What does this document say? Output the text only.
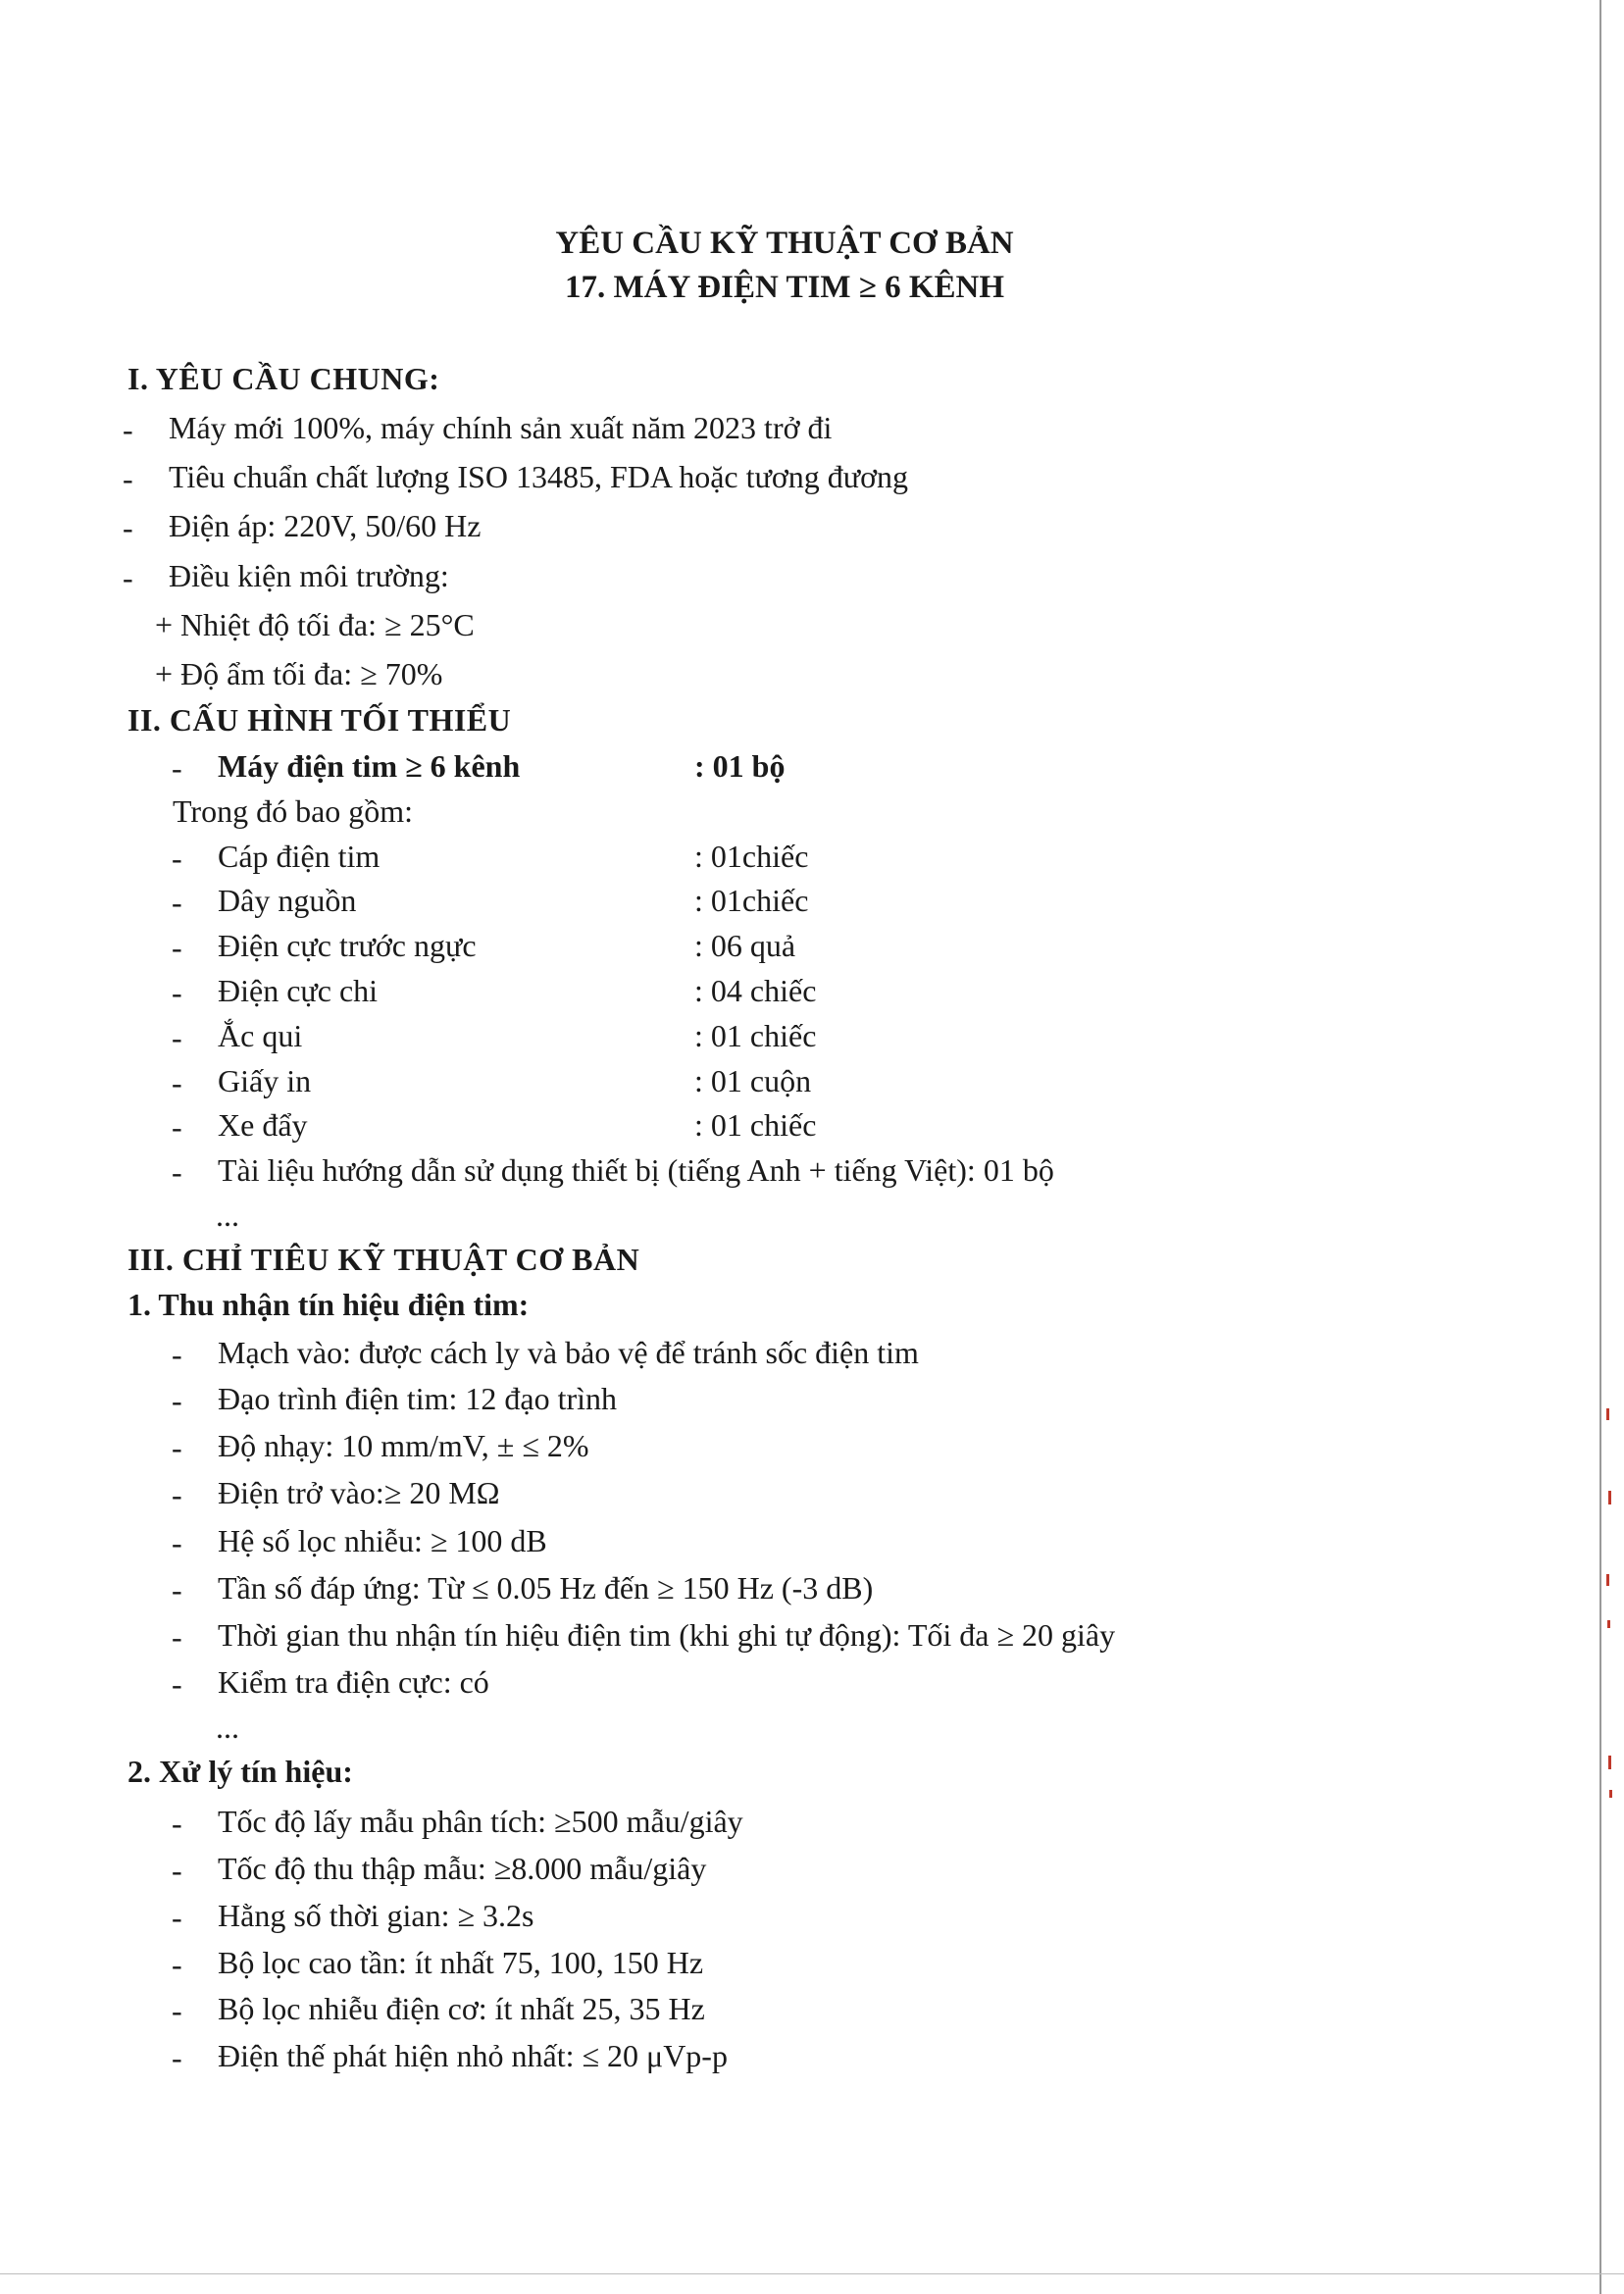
YÊU CẦU KỸ THUẬT CƠ BẢN
17. MÁY ĐIỆN TIM ≥ 6 KÊNH
I. YÊU CẦU CHUNG:
- Máy mới 100%, máy chính sản xuất năm 2023 trở đi
- Tiêu chuẩn chất lượng ISO 13485, FDA hoặc tương đương
- Điện áp: 220V, 50/60 Hz
- Điều kiện môi trường:
+ Nhiệt độ tối đa: ≥ 25°C
+ Độ ẩm tối đa: ≥ 70%
II. CẤU HÌNH TỐI THIỂU
- Máy điện tim ≥ 6 kênh	: 01 bộ
Trong đó bao gồm:
- Cáp điện tim	: 01chiếc
- Dây nguồn	: 01chiếc
- Điện cực trước ngực	: 06 quả
- Điện cực chi	: 04 chiếc
- Ắc qui	: 01 chiếc
- Giấy in	: 01 cuộn
- Xe đẩy	: 01 chiếc
- Tài liệu hướng dẫn sử dụng thiết bị (tiếng Anh + tiếng Việt): 01 bộ
...
III. CHỈ TIÊU KỸ THUẬT CƠ BẢN
1. Thu nhận tín hiệu điện tim:
- Mạch vào: được cách ly và bảo vệ để tránh sốc điện tim
- Đạo trình điện tim: 12 đạo trình
- Độ nhạy: 10 mm/mV, ± ≤ 2%
- Điện trở vào:≥ 20 MΩ
- Hệ số lọc nhiễu: ≥ 100 dB
- Tần số đáp ứng: Từ ≤ 0.05 Hz đến ≥ 150 Hz (-3 dB)
- Thời gian thu nhận tín hiệu điện tim (khi ghi tự động): Tối đa ≥ 20 giây
- Kiểm tra điện cực: có
...
2. Xử lý tín hiệu:
- Tốc độ lấy mẫu phân tích: ≥500 mẫu/giây
- Tốc độ thu thập mẫu: ≥8.000 mẫu/giây
- Hằng số thời gian: ≥ 3.2s
- Bộ lọc cao tần: ít nhất 75, 100, 150 Hz
- Bộ lọc nhiễu điện cơ: ít nhất 25, 35 Hz
- Điện thế phát hiện nhỏ nhất: ≤ 20 μVp-p
